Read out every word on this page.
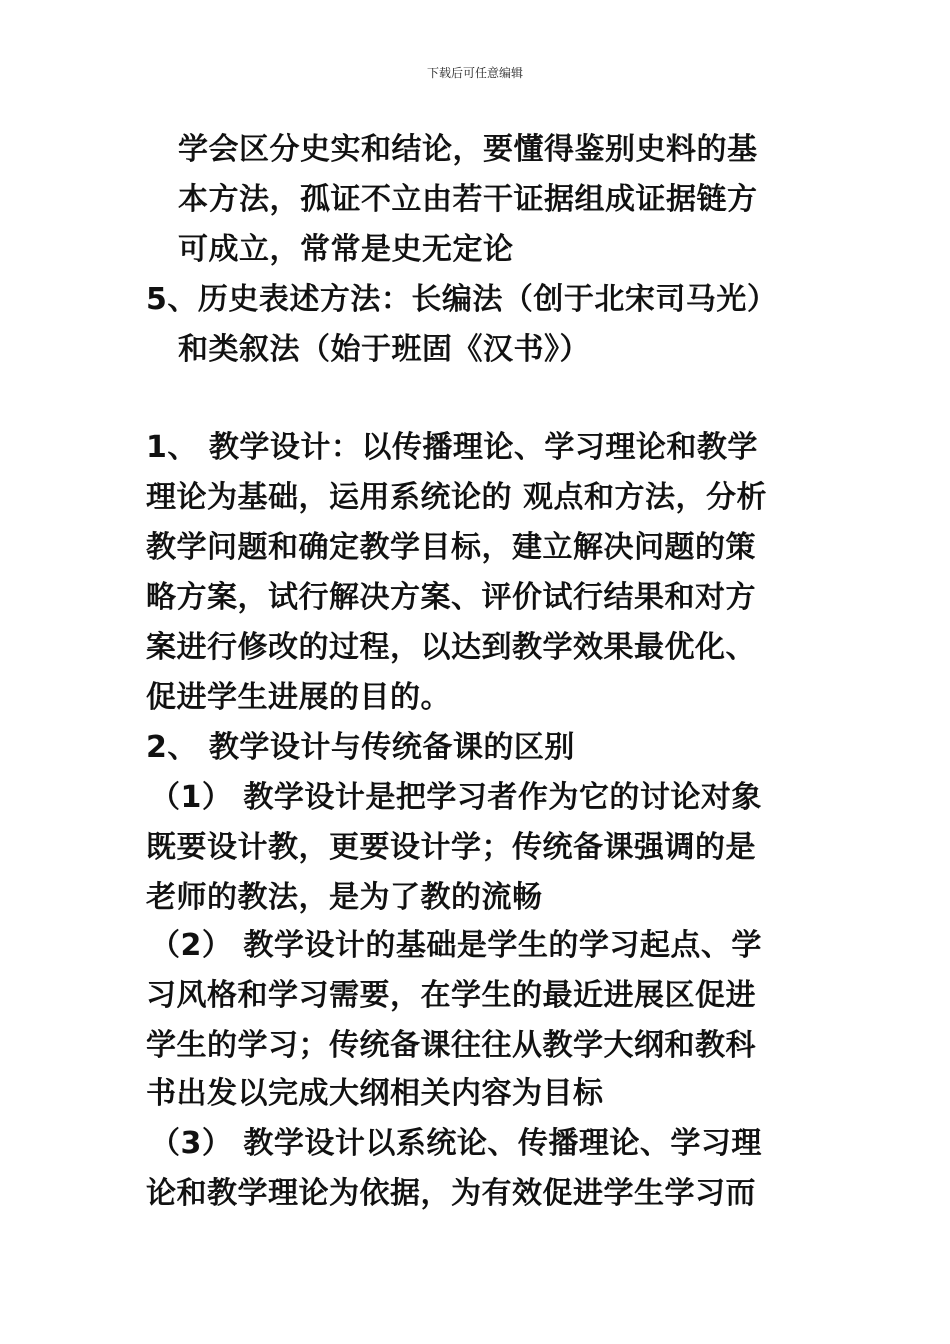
下载后可任意编辑
学会区分史实和结论，要懂得鉴别史料的基
本方法，孤证不立由若干证据组成证据链方
可成立，常常是史无定论
5、历史表述方法：长编法（创于北宋司马光）
和类叙法（始于班固《汉书》）
1、 教学设计：以传播理论、学习理论和教学
理论为基础，运用系统论的 观点和方法，分析
教学问题和确定教学目标，建立解决问题的策
略方案，试行解决方案、评价试行结果和对方
案进行修改的过程，以达到教学效果最优化、
促进学生进展的目的。
2、 教学设计与传统备课的区别
（1） 教学设计是把学习者作为它的讨论对象
既要设计教，更要设计学；传统备课强调的是
老师的教法，是为了教的流畅
（2） 教学设计的基础是学生的学习起点、学
习风格和学习需要，在学生的最近进展区促进
学生的学习；传统备课往往从教学大纲和教科
书出发以完成大纲相关内容为目标
（3） 教学设计以系统论、传播理论、学习理
论和教学理论为依据，为有效促进学生学习而
